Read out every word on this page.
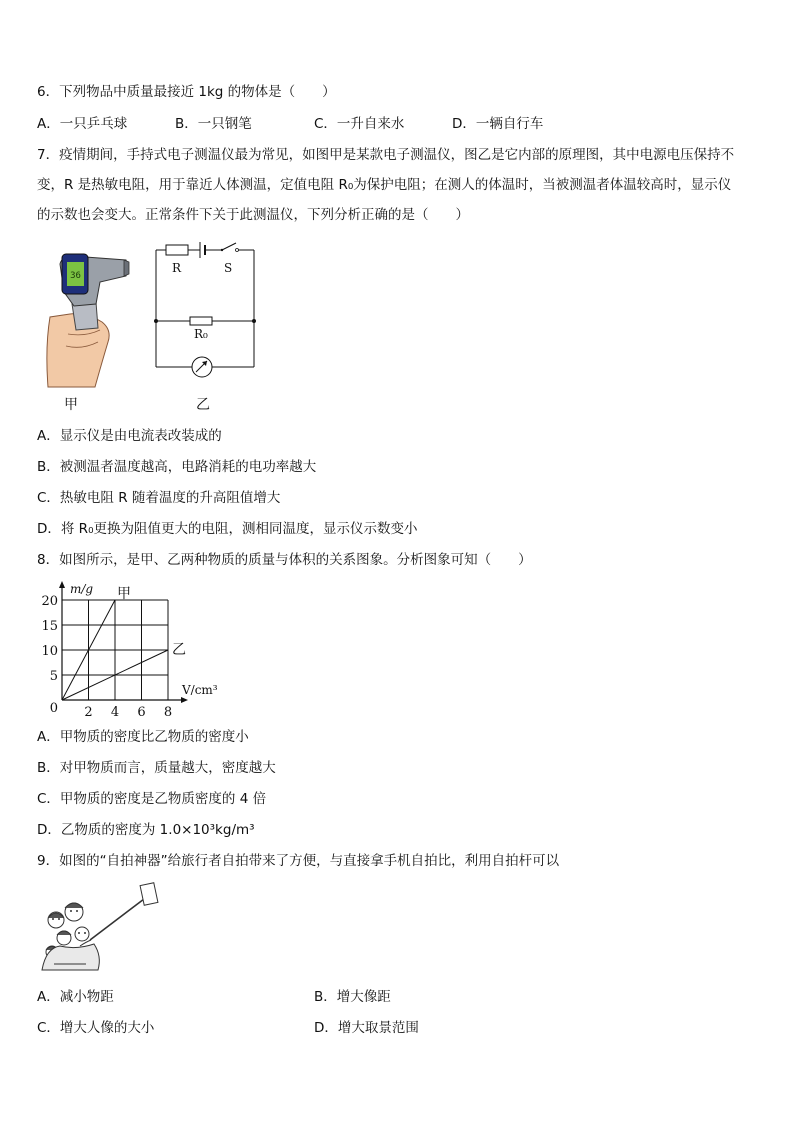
6．下列物品中质量最接近 1kg 的物体是（　　）
A．一只乒乓球	B．一只钢笔	C．一升自来水	D．一辆自行车
7．疫情期间，手持式电子测温仪最为常见，如图甲是某款电子测温仪，图乙是它内部的原理图，其中电源电压保持不
变，R 是热敏电阻，用于靠近人体测温，定值电阻 R₀为保护电阻；在测人的体温时，当被测温者体温较高时，显示仪
的示数也会变大。正常条件下关于此测温仪，下列分析正确的是（　　）
36
甲
R	S
R₀
乙
A．显示仪是由电流表改装成的
B．被测温者温度越高，电路消耗的电功率越大
C．热敏电阻 R 随着温度的升高阻值增大
D．将 R₀更换为阻值更大的电阻，测相同温度，显示仪示数变小
8．如图所示，是甲、乙两种物质的质量与体积的关系图象。分析图象可知（　　）
2 4 6 8
5
10
15
20
0
m/g
V/cm³
甲
乙
A．甲物质的密度比乙物质的密度小
B．对甲物质而言，质量越大，密度越大
C．甲物质的密度是乙物质密度的 4 倍
D．乙物质的密度为 1.0×10³kg/m³
9．如图的“自拍神器”给旅行者自拍带来了方便，与直接拿手机自拍比，利用自拍杆可以
A．减小物距	B．增大像距
C．增大人像的大小	D．增大取景范围
